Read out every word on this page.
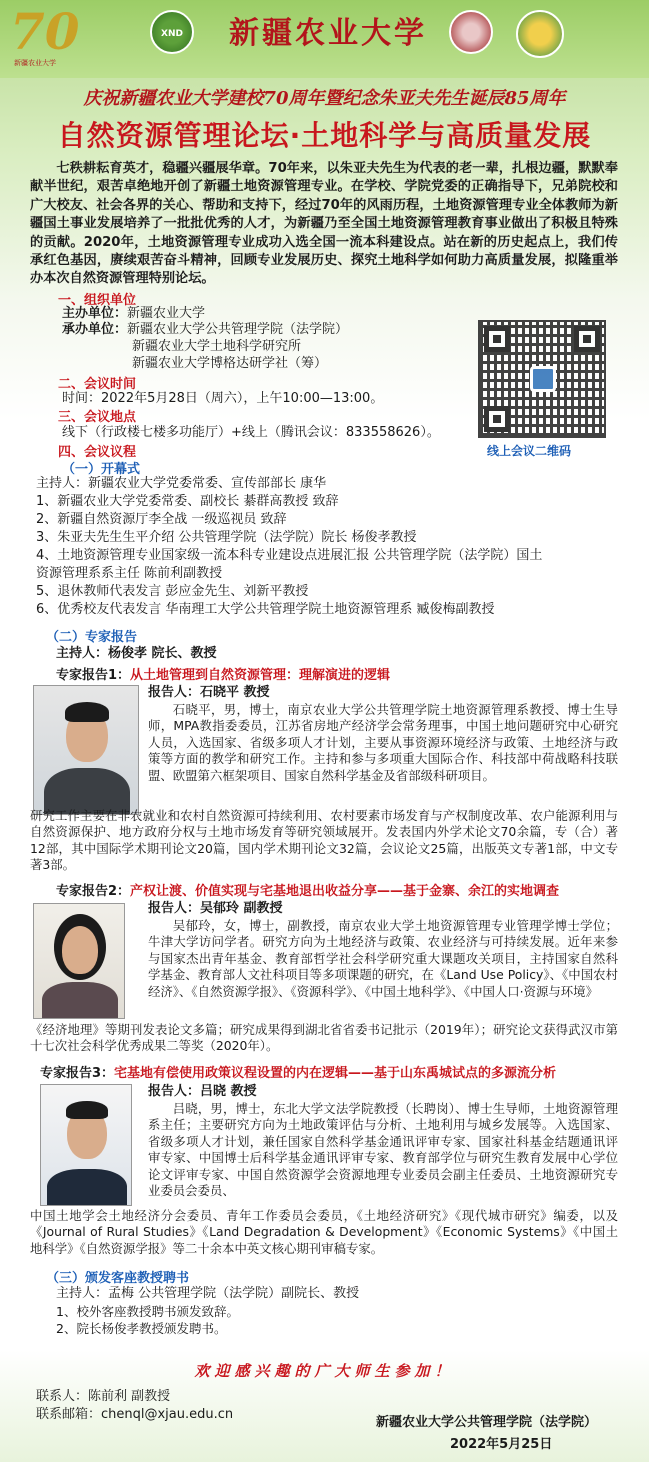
70
新疆农业大学
XND	新疆农业大学
庆祝新疆农业大学建校70周年暨纪念朱亚夫先生诞辰85周年
自然资源管理论坛·土地科学与高质量发展
七秩耕耘育英才，稳疆兴疆展华章。70年来，以朱亚夫先生为代表的老一辈，扎根边疆，默默奉献半世纪，艰苦卓绝地开创了新疆土地资源管理专业。在学校、学院党委的正确指导下，兄弟院校和广大校友、社会各界的关心、帮助和支持下，经过70年的风雨历程，土地资源管理专业全体教师为新疆国土事业发展培养了一批批优秀的人才，为新疆乃至全国土地资源管理教育事业做出了积极且特殊的贡献。2020年，土地资源管理专业成功入选全国一流本科建设点。站在新的历史起点上，我们传承红色基因，赓续艰苦奋斗精神，回顾专业发展历史、探究土地科学如何助力高质量发展，拟隆重举办本次自然资源管理特别论坛。
一、组织单位
主办单位：新疆农业大学
承办单位：新疆农业大学公共管理学院（法学院）
新疆农业大学土地科学研究所
新疆农业大学博格达研学社（筹）
二、会议时间
时间：2022年5月28日（周六），上午10:00—13:00。
三、会议地点
线下（行政楼七楼多功能厅）+线上（腾讯会议：833558626）。
线上会议二维码
四、会议议程
（一）开幕式
主持人：新疆农业大学党委常委、宣传部部长 康华
1、新疆农业大学党委常委、副校长 綦群高教授 致辞
2、新疆自然资源厅李全战 一级巡视员 致辞
3、朱亚夫先生生平介绍 公共管理学院（法学院）院长 杨俊孝教授
4、土地资源管理专业国家级一流本科专业建设点进展汇报 公共管理学院（法学院）国土
资源管理系系主任 陈前利副教授
5、退休教师代表发言 彭应金先生、刘新平教授
6、优秀校友代表发言 华南理工大学公共管理学院土地资源管理系 臧俊梅副教授
（二）专家报告
主持人：杨俊孝 院长、教授
专家报告1：从土地管理到自然资源管理：理解演进的逻辑
报告人：石晓平 教授
石晓平，男，博士，南京农业大学公共管理学院土地资源管理系教授、博士生导师，MPA教指委委员，江苏省房地产经济学会常务理事，中国土地问题研究中心研究人员，入选国家、省级多项人才计划，主要从事资源环境经济与政策、土地经济与政策等方面的教学和研究工作。主持和参与多项重大国际合作、科技部中荷战略科技联盟、欧盟第六框架项目、国家自然科学基金及省部级科研项目。
研究工作主要在非农就业和农村自然资源可持续利用、农村要素市场发育与产权制度改革、农户能源利用与自然资源保护、地方政府分权与土地市场发育等研究领域展开。发表国内外学术论文70余篇，专（合）著12部，其中国际学术期刊论文20篇，国内学术期刊论文32篇，会议论文25篇，出版英文专著1部，中文专著3部。
专家报告2：产权让渡、价值实现与宅基地退出收益分享——基于金寨、余江的实地调查
报告人：吴郁玲 副教授
吴郁玲，女，博士，副教授，南京农业大学土地资源管理专业管理学博士学位；牛津大学访问学者。研究方向为土地经济与政策、农业经济与可持续发展。近年来参与国家杰出青年基金、教育部哲学社会科学研究重大课题攻关项目，主持国家自然科学基金、教育部人文社科项目等多项课题的研究，在《Land Use Policy》、《中国农村经济》、《自然资源学报》、《资源科学》、《中国土地科学》、《中国人口·资源与环境》
《经济地理》等期刊发表论文多篇；研究成果得到湖北省省委书记批示（2019年）；研究论文获得武汉市第十七次社会科学优秀成果二等奖（2020年）。
专家报告3：宅基地有偿使用政策议程设置的内在逻辑——基于山东禹城试点的多源流分析
报告人：吕晓 教授
吕晓，男，博士，东北大学文法学院教授（长聘岗）、博士生导师，土地资源管理系主任；主要研究方向为土地政策评估与分析、土地利用与城乡发展等。入选国家、省级多项人才计划，兼任国家自然科学基金通讯评审专家、国家社科基金结题通讯评审专家、中国博士后科学基金通讯评审专家、教育部学位与研究生教育发展中心学位论文评审专家、中国自然资源学会资源地理专业委员会副主任委员、土地资源研究专业委员会委员、
中国土地学会土地经济分会委员、青年工作委员会委员，《土地经济研究》《现代城市研究》编委，以及《Journal of Rural Studies》《Land Degradation & Development》《Economic Systems》《中国土地科学》《自然资源学报》等二十余本中英文核心期刊审稿专家。
（三）颁发客座教授聘书
主持人：孟梅 公共管理学院（法学院）副院长、教授
1、校外客座教授聘书颁发致辞。
2、院长杨俊孝教授颁发聘书。
欢迎感兴趣的广大师生参加！
联系人：陈前利 副教授
联系邮箱：chenql@xjau.edu.cn
新疆农业大学公共管理学院（法学院）
2022年5月25日
